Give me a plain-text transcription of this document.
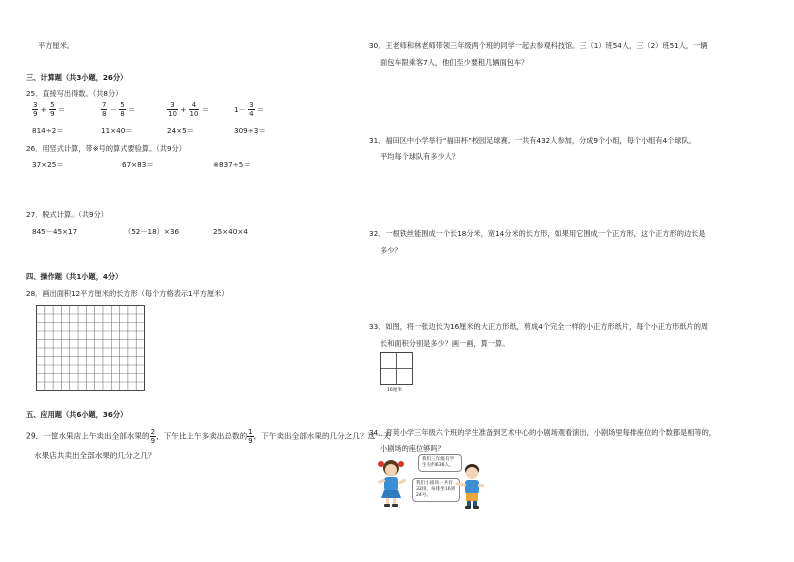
平方厘米。
三、计算题（共3小题，26分）
25．直接写出得数。（共8分）
$\frac{3}{9} + \frac{5}{9}$ ＝	$\frac{7}{8} - \frac{5}{8}$ ＝	$\frac{3}{10} + \frac{4}{10}$ ＝	$1- \frac{3}{4}$ ＝
814÷2＝	11×40＝	24×5＝	309÷3＝
26．用竖式计算，带※号的算式要验算。（共9分）
37×25＝	67×83＝	※837÷5＝
27．脱式计算。（共9分）
845－45×17	（52－18）×36	25×40×4
四、操作题（共1小题，4分）
28．画出面积12平方厘米的长方形（每个方格表示1平方厘米）
五、应用题（共6小题，36分）
29．一筐水果店上午卖出全部水果的 $\frac{2}{9}$ ，下午比上午多卖出总数的 $\frac{1}{9}$ ，下午卖出全部水果的几分之几？这一天
水果店共卖出全部水果的几分之几？
30．王老师和林老师带领三年级两个班的同学一起去参观科技馆。三（1）班54人，三（2）班51人，一辆
面包车限乘客7人，他们至少要租几辆面包车？
31．福田区中小学举行“福田杯”校园足球赛。一共有432人参加，分成9个小组，每个小组有4个球队。
平均每个球队有多少人？
32．一根铁丝能围成一个长18分米，宽14分米的长方形，如果用它围成一个正方形，这个正方形的边长是
多少？
33．如图，将一张边长为16厘米的大正方形纸，剪成4个完全一样的小正方形纸片，每个小正方形纸片的周
长和面积分别是多少？画一画，算一算。
16厘米
34．育英小学三年级六个班的学生准备到艺术中心的小剧场观看演出，小剧场里每排座位的个数都是相等的，
小剧场的座位够吗？
我们三年级有学生有约636人。
我们小剧场一共有32排，每排坐16到24号。
